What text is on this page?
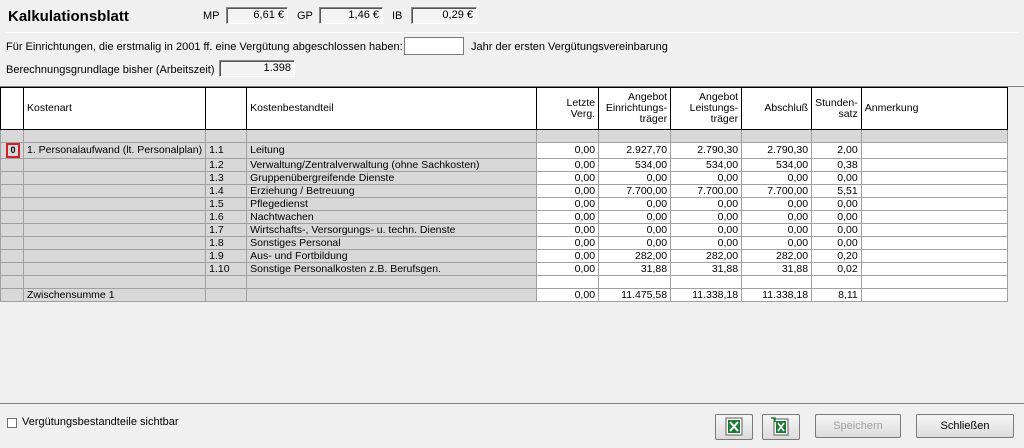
Kalkulationsblatt	MP	6,61 €	GP	1,46 €	IB	0,29 €
Für Einrichtungen, die erstmalig in 2001 ff. eine Vergütung abgeschlossen haben:	Jahr der ersten Vergütungsvereinbarung
Berechnungsgrundlage bisher (Arbeitszeit)	1.398
	Kostenart		Kostenbestandteil	Letzte Verg.	Angebot Einrichtungs-träger	Angebot Leistungs-träger	Abschluß	Stunden-satz	Anmerkung

0	1. Personalaufwand (lt. Personalplan)	1.1	Leitung	0,00	2.927,70	2.790,30	2.790,30	2,00	
		1.2	Verwaltung/Zentralverwaltung (ohne Sachkosten)	0,00	534,00	534,00	534,00	0,38	
		1.3	Gruppenübergreifende Dienste	0,00	0,00	0,00	0,00	0,00	
		1.4	Erziehung / Betreuung	0,00	7.700,00	7.700,00	7.700,00	5,51	
		1.5	Pflegedienst	0,00	0,00	0,00	0,00	0,00	
		1.6	Nachtwachen	0,00	0,00	0,00	0,00	0,00	
		1.7	Wirtschafts-, Versorgungs- u. techn. Dienste	0,00	0,00	0,00	0,00	0,00	
		1.8	Sonstiges Personal	0,00	0,00	0,00	0,00	0,00	
		1.9	Aus- und Fortbildung	0,00	282,00	282,00	282,00	0,20	
		1.10	Sonstige Personalkosten z.B. Berufsgen.	0,00	31,88	31,88	31,88	0,02	

	Zwischensumme 1			0,00	11.475,58	11.338,18	11.338,18	8,11	
Vergütungsbestandteile sichtbar	Speichern	Schließen
